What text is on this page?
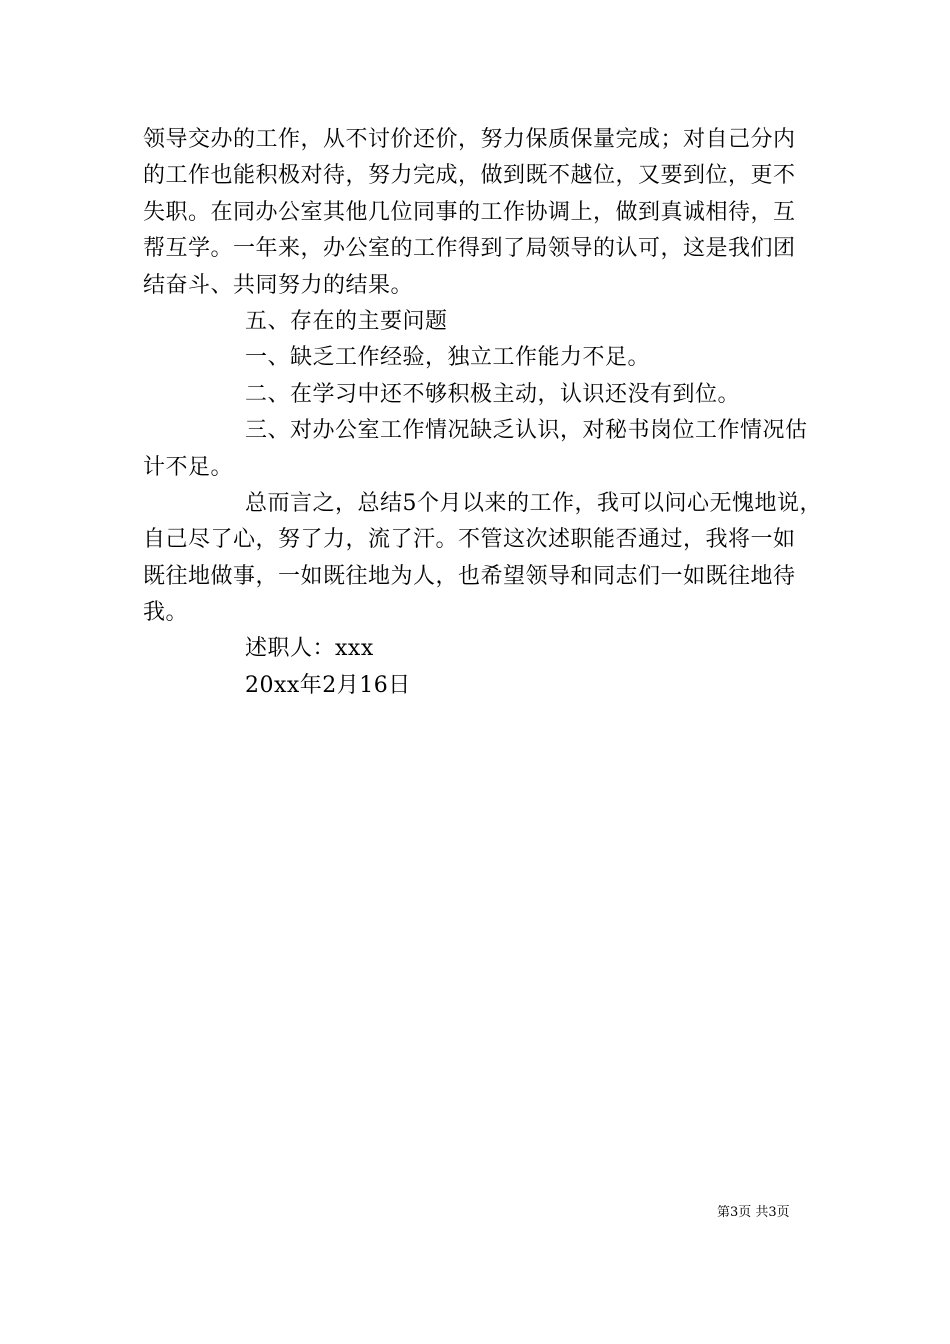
领导交办的工作，从不讨价还价，努力保质保量完成；对自己分内
的工作也能积极对待，努力完成，做到既不越位，又要到位，更不
失职。在同办公室其他几位同事的工作协调上，做到真诚相待，互
帮互学。一年来，办公室的工作得到了局领导的认可，这是我们团
结奋斗、共同努力的结果。
五、存在的主要问题
一、缺乏工作经验，独立工作能力不足。
二、在学习中还不够积极主动，认识还没有到位。
三、对办公室工作情况缺乏认识，对秘书岗位工作情况估
计不足。
总而言之，总结5个月以来的工作，我可以问心无愧地说，
自己尽了心，努了力，流了汗。不管这次述职能否通过，我将一如
既往地做事，一如既往地为人，也希望领导和同志们一如既往地待
我。
述职人：xxx
20xx年2月16日
第3页 共3页
